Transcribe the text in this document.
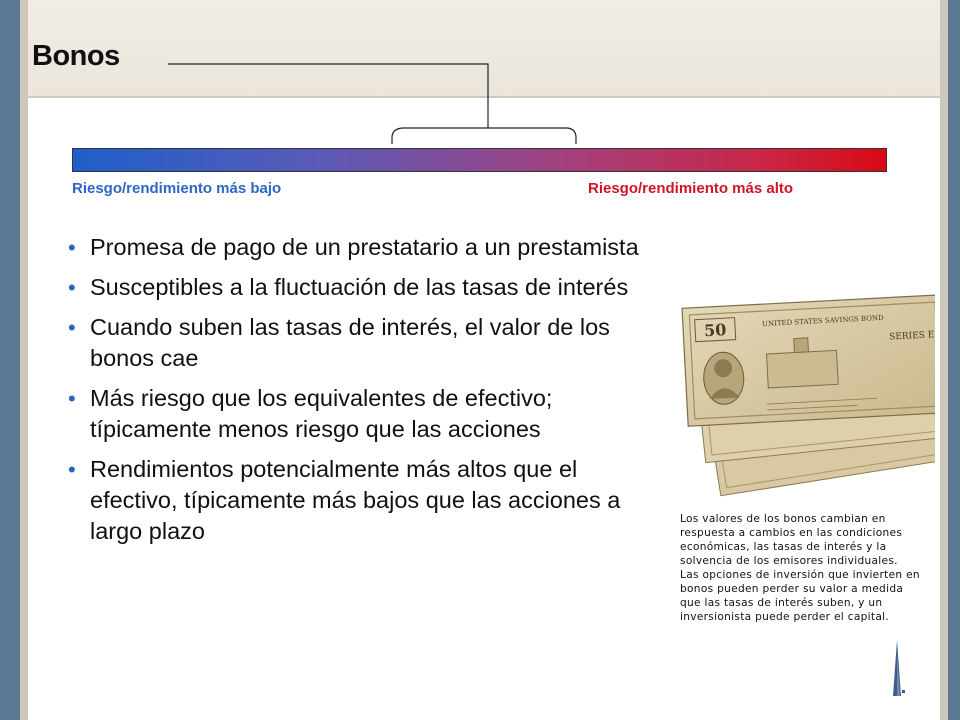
Bonos
Riesgo/rendimiento más bajo	Riesgo/rendimiento más alto
• Promesa de pago de un prestatario a un prestamista
• Susceptibles a la fluctuación de las tasas de interés
• Cuando suben las tasas de interés, el valor de los bonos cae
• Más riesgo que los equivalentes de efectivo; típicamente menos riesgo que las acciones
• Rendimientos potencialmente más altos que el efectivo, típicamente más bajos que las acciones a largo plazo
50	UNITED STATES SAVINGS BOND
SERIES E
Los valores de los bonos cambian en respuesta a cambios en las condiciones económicas, las tasas de interés y la solvencia de los emisores individuales. Las opciones de inversión que invierten en bonos pueden perder su valor a medida que las tasas de interés suben, y un inversionista puede perder el capital.
